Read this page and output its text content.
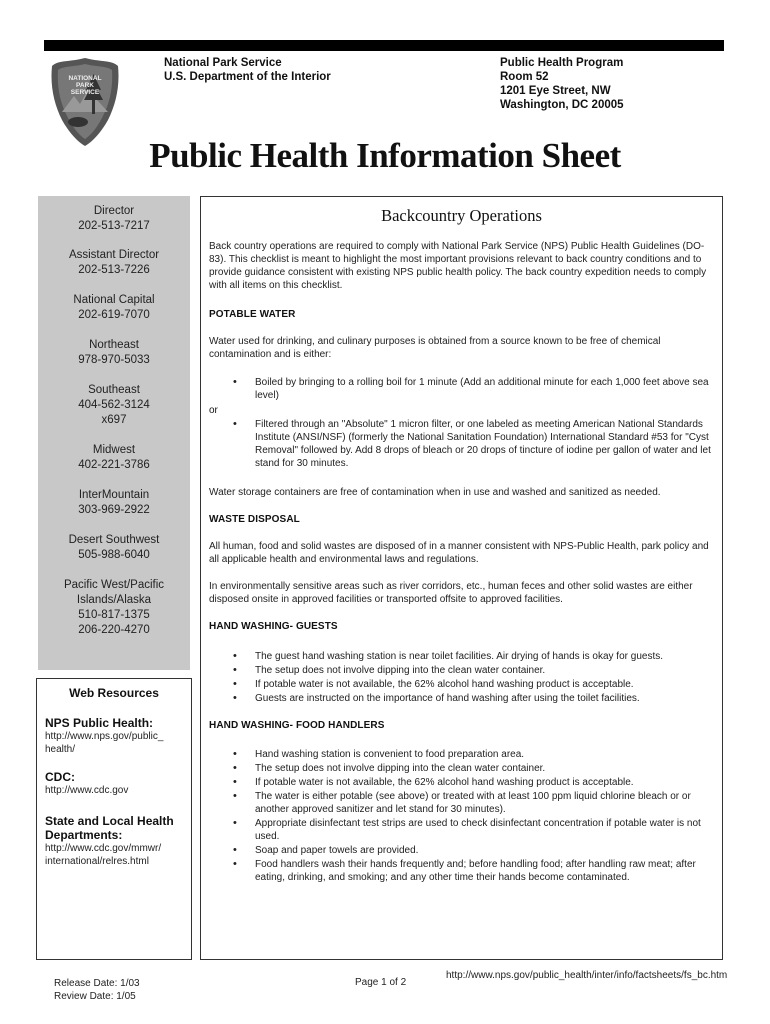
NATIONAL
PARK
SERVICE
National Park Service
U.S. Department of the Interior
Public Health Program
Room 52
1201 Eye Street, NW
Washington, DC 20005
Public Health Information Sheet
Director
202-513-7217
Assistant Director
202-513-7226
National Capital
202-619-7070
Northeast
978-970-5033
Southeast
404-562-3124
x697
Midwest
402-221-3786
InterMountain
303-969-2922
Desert Southwest
505-988-6040
Pacific West/Pacific
Islands/Alaska
510-817-1375
206-220-4270
Web Resources
NPS Public Health:
http://www.nps.gov/public_
health/
CDC:
http://www.cdc.gov
State and Local Health
Departments:
http://www.cdc.gov/mmwr/
international/relres.html
Backcountry Operations
Back country operations are required to comply with National Park Service (NPS) Public Health Guidelines (DO-83). This checklist is meant to highlight the most important provisions relevant to back country conditions and to provide guidance consistent with existing NPS public health policy. The back country expedition needs to comply with all items on this checklist.
POTABLE WATER
Water used for drinking, and culinary purposes is obtained from a source known to be free of chemical contamination and is either:
• Boiled by bringing to a rolling boil for 1 minute (Add an additional minute for each 1,000 feet above sea level)
or
• Filtered through an "Absolute" 1 micron filter, or one labeled as meeting American National Standards Institute (ANSI/NSF) (formerly the National Sanitation Foundation) International Standard #53 for "Cyst Removal" followed by. Add 8 drops of bleach or 20 drops of tincture of iodine per gallon of water and let stand for 30 minutes.
Water storage containers are free of contamination when in use and washed and sanitized as needed.
WASTE DISPOSAL
All human, food and solid wastes are disposed of in a manner consistent with NPS-Public Health, park policy and all applicable health and environmental laws and regulations.
In environmentally sensitive areas such as river corridors, etc., human feces and other solid wastes are either disposed onsite in approved facilities or transported offsite to approved facilities.
HAND WASHING- GUESTS
• The guest hand washing station is near toilet facilities. Air drying of hands is okay for guests.
• The setup does not involve dipping into the clean water container.
• If potable water is not available, the 62% alcohol hand washing product is acceptable.
• Guests are instructed on the importance of hand washing after using the toilet facilities.
HAND WASHING- FOOD HANDLERS
• Hand washing station is convenient to food preparation area.
• The setup does not involve dipping into the clean water container.
• If potable water is not available, the 62% alcohol hand washing product is acceptable.
• The water is either potable (see above) or treated with at least 100 ppm liquid chlorine bleach or or another approved sanitizer and let stand for 30 minutes).
• Appropriate disinfectant test strips are used to check disinfectant concentration if potable water is not used.
• Soap and paper towels are provided.
• Food handlers wash their hands frequently and; before handling food; after handling raw meat; after eating, drinking, and smoking; and any other time their hands become contaminated.
Release Date: 1/03
Review Date: 1/05
Page 1 of 2
http://www.nps.gov/public_health/inter/info/factsheets/fs_bc.htm
